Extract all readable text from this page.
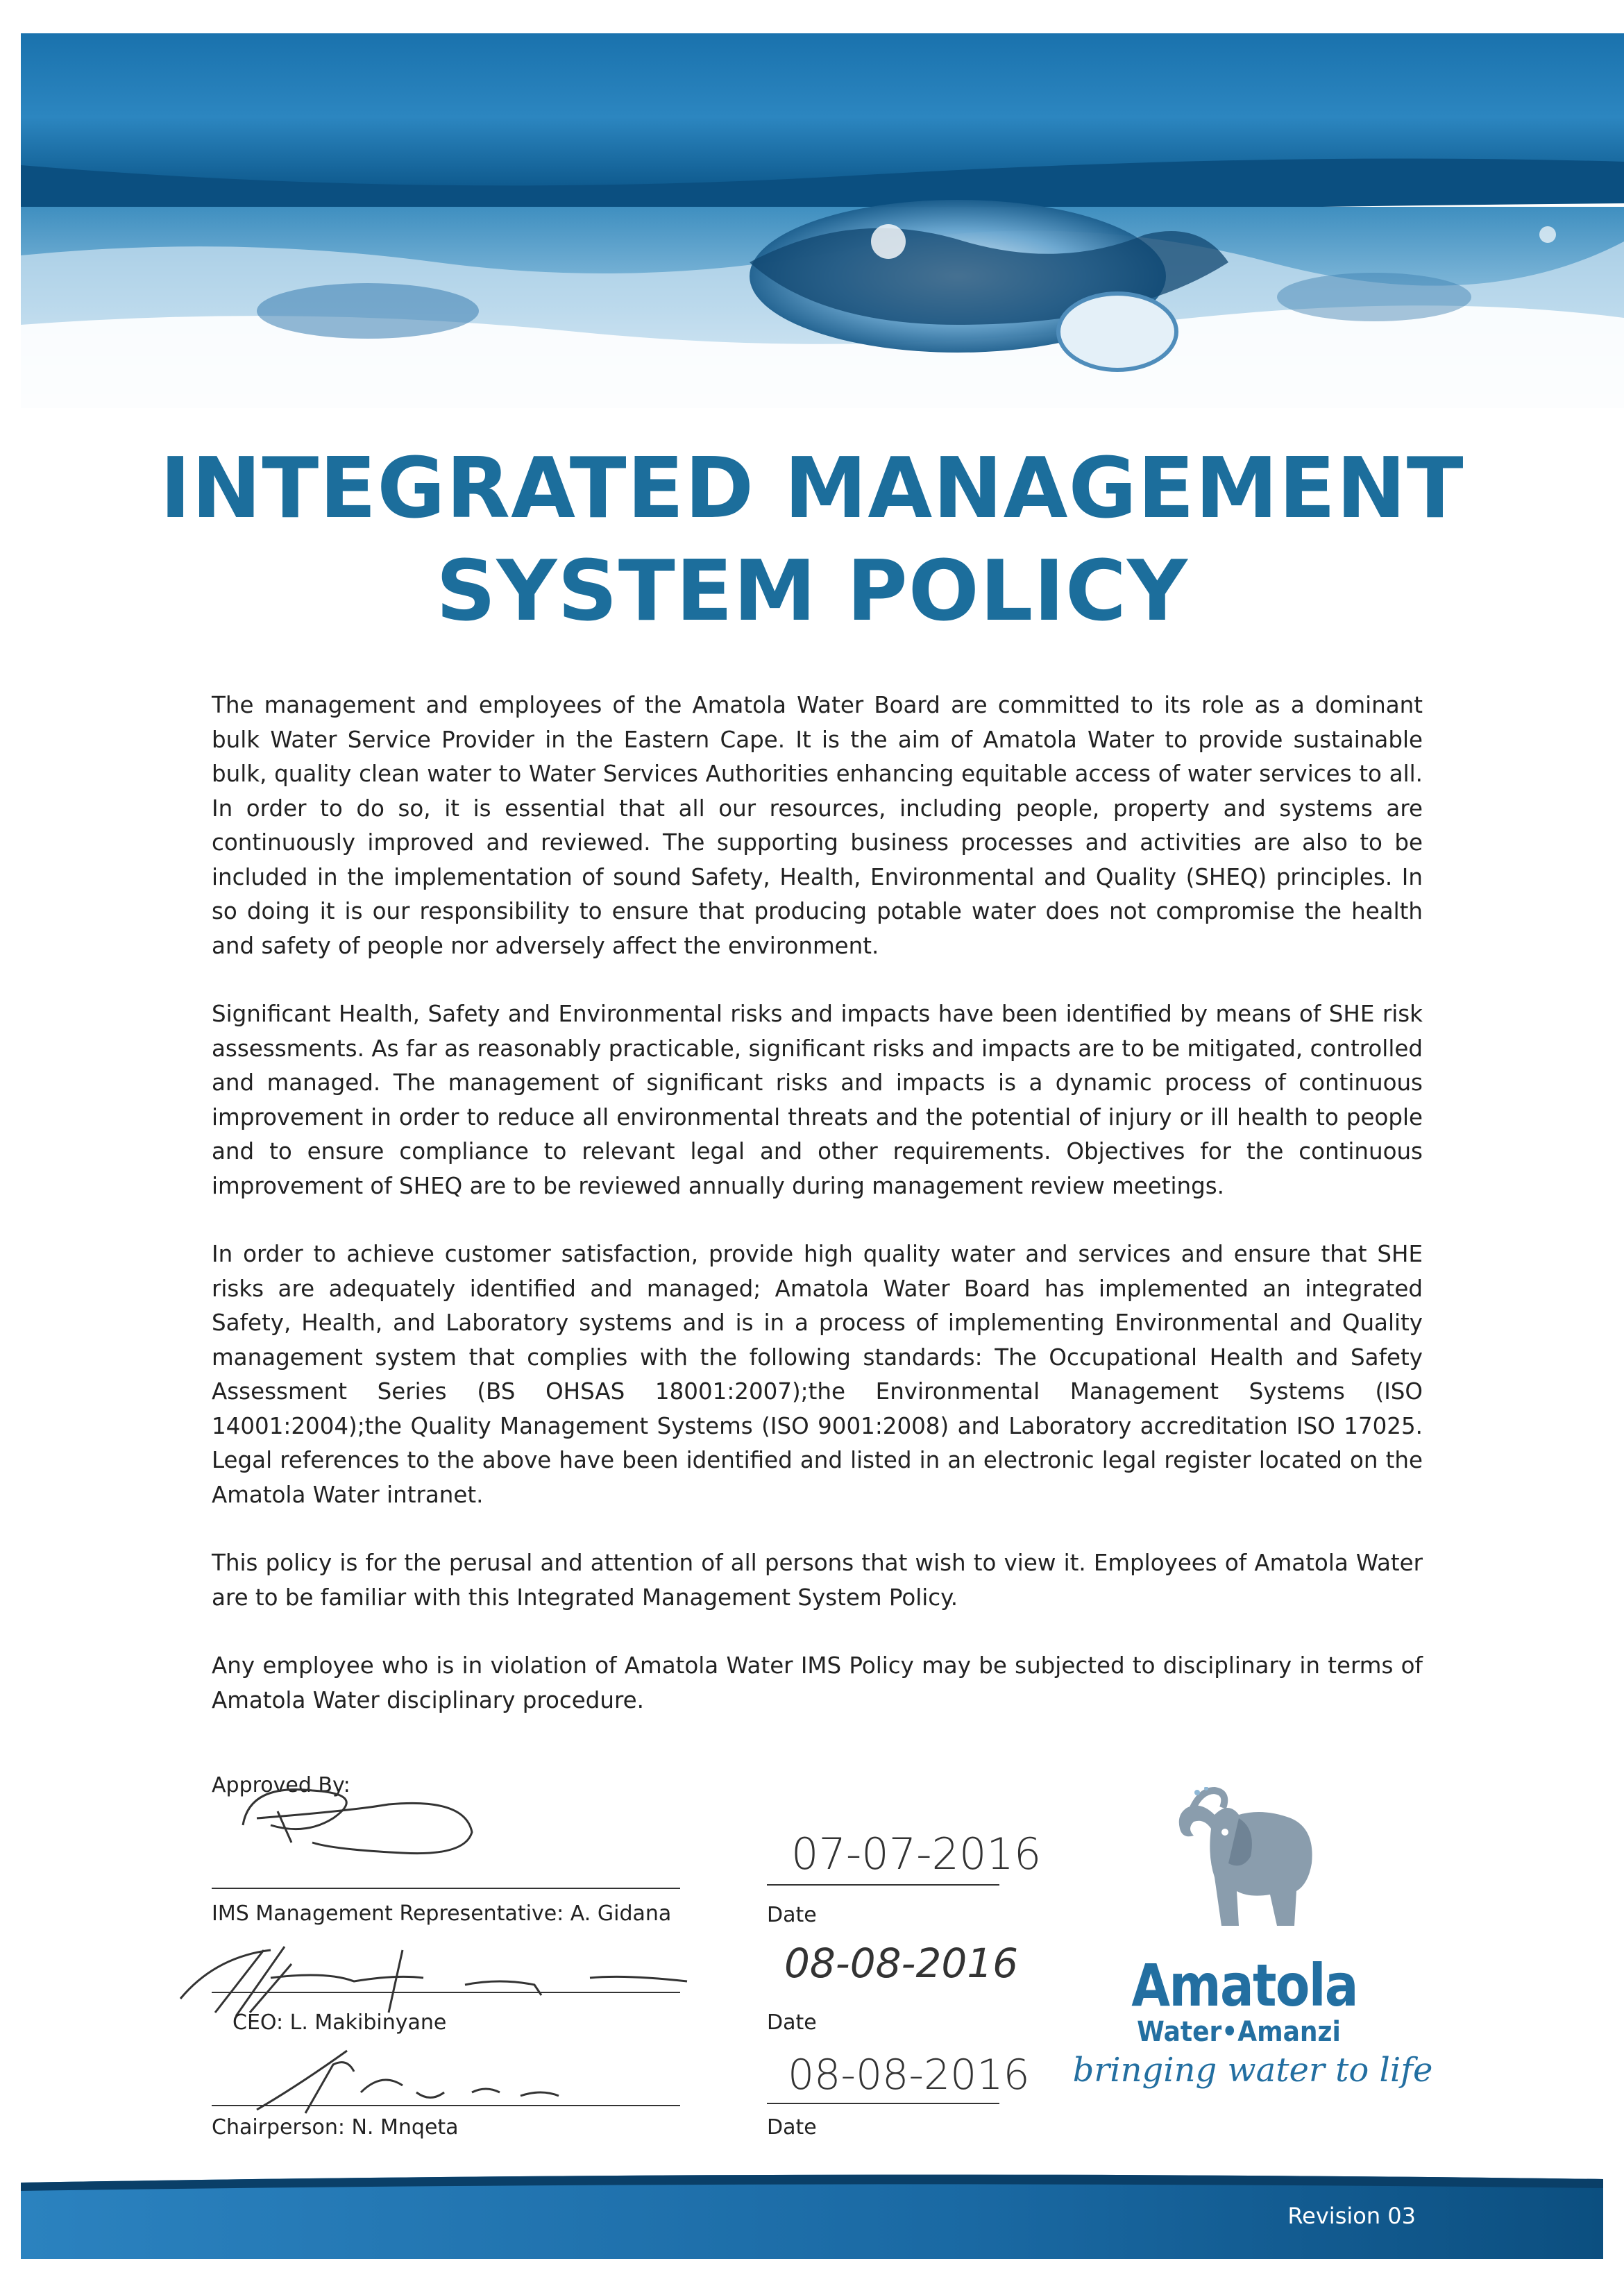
INTEGRATED MANAGEMENT
SYSTEM POLICY

The management and employees of the Amatola Water Board are committed to its role as a dominant bulk Water Service Provider in the Eastern Cape. It is the aim of Amatola Water to provide sustainable bulk, quality clean water to Water Services Authorities enhancing equitable access of water services to all. In order to do so, it is essential that all our resources, including people, property and systems are continuously improved and reviewed. The supporting business processes and activities are also to be included in the implementation of sound Safety, Health, Environmental and Quality (SHEQ) principles. In so doing it is our responsibility to ensure that producing potable water does not compromise the health and safety of people nor adversely affect the environment.

Significant Health, Safety and Environmental risks and impacts have been identified by means of SHE risk assessments. As far as reasonably practicable, significant risks and impacts are to be mitigated, controlled and managed. The management of significant risks and impacts is a dynamic process of continuous improvement in order to reduce all environmental threats and the potential of injury or ill health to people and to ensure compliance to relevant legal and other requirements. Objectives for the continuous improvement of SHEQ are to be reviewed annually during management review meetings.

In order to achieve customer satisfaction, provide high quality water and services and ensure that SHE risks are adequately identified and managed; Amatola Water Board has implemented an integrated Safety, Health, and Laboratory systems and is in a process of implementing Environmental and Quality management system that complies with the following standards: The Occupational Health and Safety Assessment Series (BS OHSAS 18001:2007);the Environmental Management Systems (ISO 14001:2004);the Quality Management Systems (ISO 9001:2008) and Laboratory accreditation ISO 17025. Legal references to the above have been identified and listed in an electronic legal register located on the Amatola Water intranet.

This policy is for the perusal and attention of all persons that wish to view it. Employees of Amatola Water are to be familiar with this Integrated Management System Policy.

Any employee who is in violation of Amatola Water IMS Policy may be subjected to disciplinary in terms of Amatola Water disciplinary procedure.

Approved By:
IMS Management Representative: A. Gidana
07-07-2016
Date
CEO: L. Makibinyane
08-08-2016
Date
Chairperson: N. Mnqeta
08-08-2016
Date
Amatola
Water•Amanzi
bringing water to life
Revision 03
